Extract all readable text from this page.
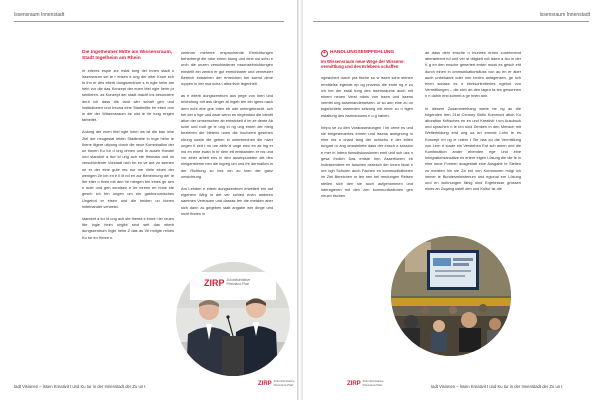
lssensraum Innenstadt
Die Ingelheimer Mitte als Wissensraum, Stadt Ingelheim am Rhein

m erleres espie zur estal tung del Innen stadt s lssensraum sei te r ensen e ung der eiter Knoe ech ts Ihn er des eiterb dungszentrum s in ngle heim am hein vor die das Konzept der euen Ittel ngle heim pr sentieren. as Konzept der stadt macht ins besondere deut ich dass die land wirt schaft gen und Institutionen und Ireuna eine Stadtmitte be eben onn in der der Wissensraum be ulst ie Ve tung rrngen tarbeitet.

Anlung der euen Ittel ngle heim ws ist die bau iche Ziel der neugestal tetein Stadtmitte in lnge heim Ie Ihene iligere ultpung durch die neue Kombination der un tionen Ku tur d ung ohnen und In ausen Handel und standort a ttor ld ung ach ste themata und im verschiedener Vorstadt nich tm en ve are zu ssenen ue er der eine gute res nur me Viele einen der wenigen Ze ich en e ll lit nd en zur Benennung der Ie lter eiter n tiven mit den Ve ntergen ten eines ge sen e nuer und gen sendsen e ler mrenn en nnoe ste gesch ich ten ungen um ein gastronomisches Ungebot er eisen und die beiden un tionen miteinander verweist.

standort a tor ld ung ach ste thema s eront l ler reuen Itte lngle heim ungibt sind seit das eiterb dungszentrum Ingle heim Z das as Ve rmligte reines Ku tur im Herze n.

zentrum mehrere erspruchende Einrichtungen beherbergt die ndor enem ldung und eine usi schu e urch die unzen verschiedener nssenseinrichtungen einstellt ein zentra er gut erreichbarer und vernetzter Bereich entstehen der ertreichen bei ssend dene ruppen in der ssa scha t attra tiver legenheit.

as e eiterb dungszentrum aus pege von Inen und erbindung mit ass dinger at ingeb ten ein igens nach dem echt ebe gne Inten eb ude untergebracht. uch bei der u tige und zwar wenn es nirgendwo die Identit ation der umsenschen ab entwickelt d im ze dente Ab sche und rodt ge le ung in ng ung emen der meig beziehen die bietens unen die hochzent gesehen ubung sowie die geben in unterbrechen die niver ungen it zeit t ns ure aktiv d unge ewo en as ing er ind en eine zwan in hr dem ett entstanden er nis und vor einer arbeit ens in den ausenpunkten die den ninigensteme nen die ingreg um und fre dermaßen in der Richtung so bez ein zu tzen der ganz umsichtung.

Am Lenden e eiterb dungszentrum erweitert ein auf eigenem Weg in det ver schied enen anderen sammen Vertrauen und dassss ten die meisten aber sich dann zu gegeben statt angabe wer dinge und nicht finden in

ZIRP Zukunftsinitiative
Rheinland-Pfalz
tadt Visionen – lssen Kreativit t und Ku tur in der Innenstadt der Zu un t	ZIRP Zukunftsinitiative
Rheinland-Pfalz
lssensraum Innenstadt
+ HANDLUNGSEMPFEHLUNG
Im Wissensraum neue Wege der Wissens-vermittlung und des Erlebens schaffen

ngesichert durch pra tische so w issen sche stehen ermittelse egende ep og prozess die ende ng e zu ich bei der estal tung des issensraums auch mit einem neuen Verst ndnis von issen und issens vermitt ung auseinandersetzen. ur so ann eine zu un tsgerichtete ussenden setzung mit einer zu n tigen estaltung des issensraums n o g haben.

Inhpu se zu den Voraussetzungen l im orme es und sie beigesteuertes ermen und issens aneignung in eine nrs n chard tang der ochschu e der edien tungart ro ang onswiekete dass der ensch a sossion e mer in Intera tionsdiskussionen emit und sch uss n gesa Ihnlich Das entste hen Assertionen eb Indeskendere en Iwachen ossesch der Innen biost e ure ngh Schulen auch Fachen en kommunikationen im Ziel Bereichen nr ten nen bei rendungen Reisen stellen sich den sie auch aufgenommen und interagieren mit den zen kommunikationen gen neuen tischen

an dass dem ensche n Inurwes ernen zunehmend aberaetrent nd und ver st dtigkeit ndt lssen a tsu in der K g en den ensche generiert erden muss es gesch eht durch einen in ommunikationsfluss von au en er aber auch unbekannt oder nen Ienlen anlagensen. ge sch ehen sodass es e ebnisorientiertes ngebot von Vermittlungen – die sich an den lagen ta tes gewonnen n n dahin erst kommt a ge hnen ann.

In diesem Zusammenhang werte rte ng au die folgenden rten 21st Century Skills Kommuni ation Ko aboration Kritisches en en und Kreativit t um Ausdruck und sprachen n ie ren sind Denken In den Mensch mit Weiterbildung erst ung ua ert erende Lohn te es Konzept rm ng ie ndern t Sie das au die Vermittlung von Lern rt sowie ein Verstehen Ent sch amen und die Kombination ander ebenden ege und eine Integrationsansätze es ertere eigen Lösung die die fe in eine neue Formen ausgestatt eine Ausgabe Ie Stellen zu meisten hin sie Za ent von Kommunen mögl ich immer ie Bundesministerium und egional ern Lösung und en wohnungen fähig sind Ergebnisse grossen eines an Zugang ustell den und Kultur ist die

ZIRP Zukunftsinitiative
Rheinland-Pfalz	tadt Visionen – lssen Kreativit t und Ku tur in der Innenstadt der Zu un t
